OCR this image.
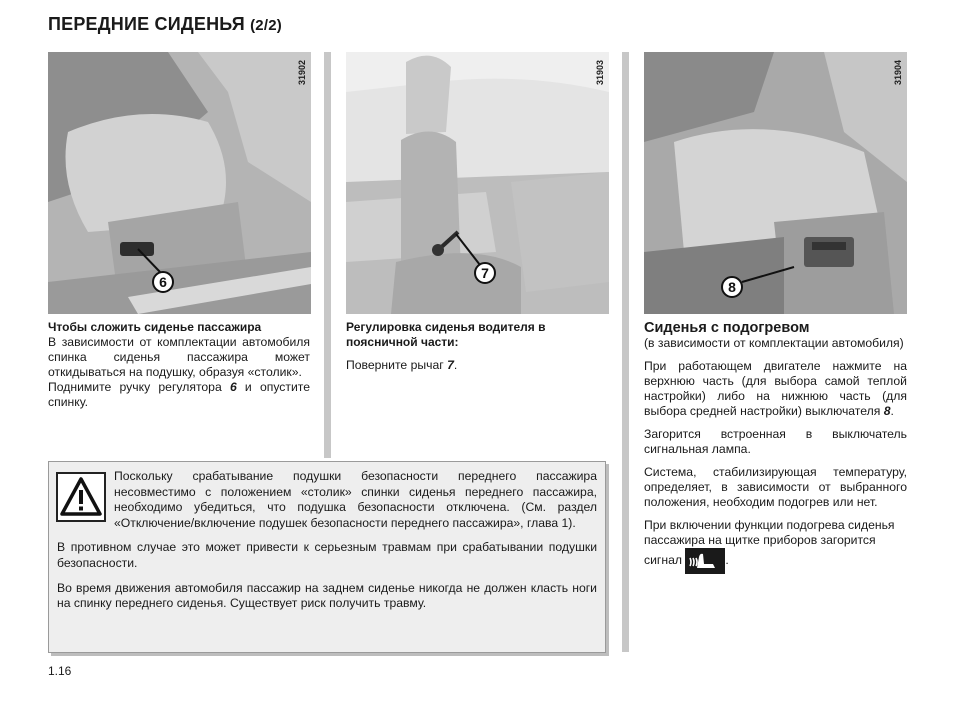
ПЕРЕДНИЕ СИДЕНЬЯ (2/2)
6
31902
7
31903
8
31904
Чтобы сложить сиденье пассажира
В зависимости от комплектации автомобиля спинка сиденья пассажира может откидываться на подушку, образуя «столик».
Поднимите ручку регулятора 6 и опустите спинку.
Регулировка сиденья водителя в поясничной части:
Поверните рычаг 7.
Сиденья с подогревом
(в зависимости от комплектации автомобиля)

При работающем двигателе нажмите на верхнюю часть (для выбора самой теплой настройки) либо на нижнюю часть (для выбора средней настройки) выключателя 8.

Загорится встроенная в выключатель сигнальная лампа.

Система, стабилизирующая температуру, определяет, в зависимости от выбранного положения, необходим подогрев или нет.

При включении функции подогрева сиденья пассажира на щитке приборов загорится сигнал	.

Поскольку срабатывание подушки безопасности переднего пассажира несовместимо с положением «столик» спинки сиденья переднего пассажира, необходимо убедиться, что подушка безопасности отключена. (См. раздел «Отключение/включение подушек безопасности переднего пассажира», глава 1).

В противном случае это может привести к серьезным травмам при срабатывании подушки безопасности.

Во время движения автомобиля пассажир на заднем сиденье никогда не должен класть ноги на спинку переднего сиденья. Существует риск получить травму.

1.16
